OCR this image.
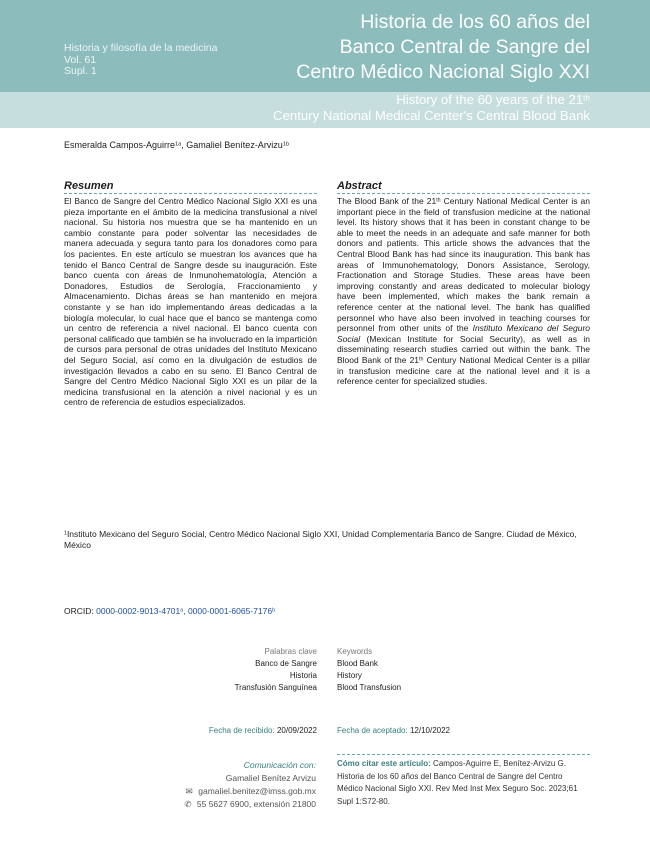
Historia y filosofía de la medicina
Vol. 61
Supl. 1
Historia de los 60 años del
Banco Central de Sangre del
Centro Médico Nacional Siglo XXI
History of the 60 years of the 21th
Century National Medical Center's Central Blood Bank
Esmeralda Campos-Aguirre$^{1a}$, Gamaliel Benítez-Arvizu$^{1b}$
Resumen

El Banco de Sangre del Centro Médico Nacional Siglo XXI es una pieza importante en el ámbito de la medicina transfusional a nivel nacional. Su historia nos muestra que se ha mantenido en un cambio constante para poder solventar las necesidades de manera adecuada y segura tanto para los donadores como para los pacientes. En este artículo se muestran los avances que ha tenido el Banco Central de Sangre desde su inauguración. Este banco cuenta con áreas de Inmunohematología, Atención a Donadores, Estudios de Serología, Fraccionamiento y Almacenamiento. Dichas áreas se han mantenido en mejora constante y se han ido implementando áreas dedicadas a la biología molecular, lo cual hace que el banco se mantenga como un centro de referencia a nivel nacional. El banco cuenta con personal calificado que también se ha involucrado en la impartición de cursos para personal de otras unidades del Instituto Mexicano del Seguro Social, así como en la divulgación de estudios de investigación llevados a cabo en su seno. El Banco Central de Sangre del Centro Médico Nacional Siglo XXI es un pilar de la medicina transfusional en la atención a nivel nacional y es un centro de referencia de estudios especializados.

Abstract

The Blood Bank of the 21th Century National Medical Center is an important piece in the field of transfusion medicine at the national level. Its history shows that it has been in constant change to be able to meet the needs in an adequate and safe manner for both donors and patients. This article shows the advances that the Central Blood Bank has had since its inauguration. This bank has areas of Immunohematology, Donors Assistance, Serology, Fractionation and Storage Studies. These areas have been improving constantly and areas dedicated to molecular biology have been implemented, which makes the bank remain a reference center at the national level. The bank has qualified personnel who have also been involved in teaching courses for personnel from other units of the Instituto Mexicano del Seguro Social (Mexican Institute for Social Security), as well as in disseminating research studies carried out within the bank. The Blood Bank of the 21th Century National Medical Center is a pillar in transfusion medicine care at the national level and it is a reference center for specialized studies.

$^1$Instituto Mexicano del Seguro Social, Centro Médico Nacional Siglo XXI, Unidad Complementaria Banco de Sangre. Ciudad de México, México
ORCID: 0000-0002-9013-4701$^a$, 0000-0001-6065-7176$^b$
Palabras clave
Banco de Sangre
Historia
Transfusión Sanguínea
Keywords
Blood Bank
History
Blood Transfusion
Fecha de recibido: 20/09/2022	Fecha de aceptado: 12/10/2022
Comunicación con:
Gamaliel Benítez Arvizu
✉ gamaliel.benitez@imss.gob.mx
✆ 55 5627 6900, extensión 21800
Cómo citar este artículo: Campos-Aguirre E, Benítez-Arvizu G. Historia de los 60 años del Banco Central de Sangre del Centro Médico Nacional Siglo XXI. Rev Med Inst Mex Seguro Soc. 2023;61 Supl 1:S72-80.
